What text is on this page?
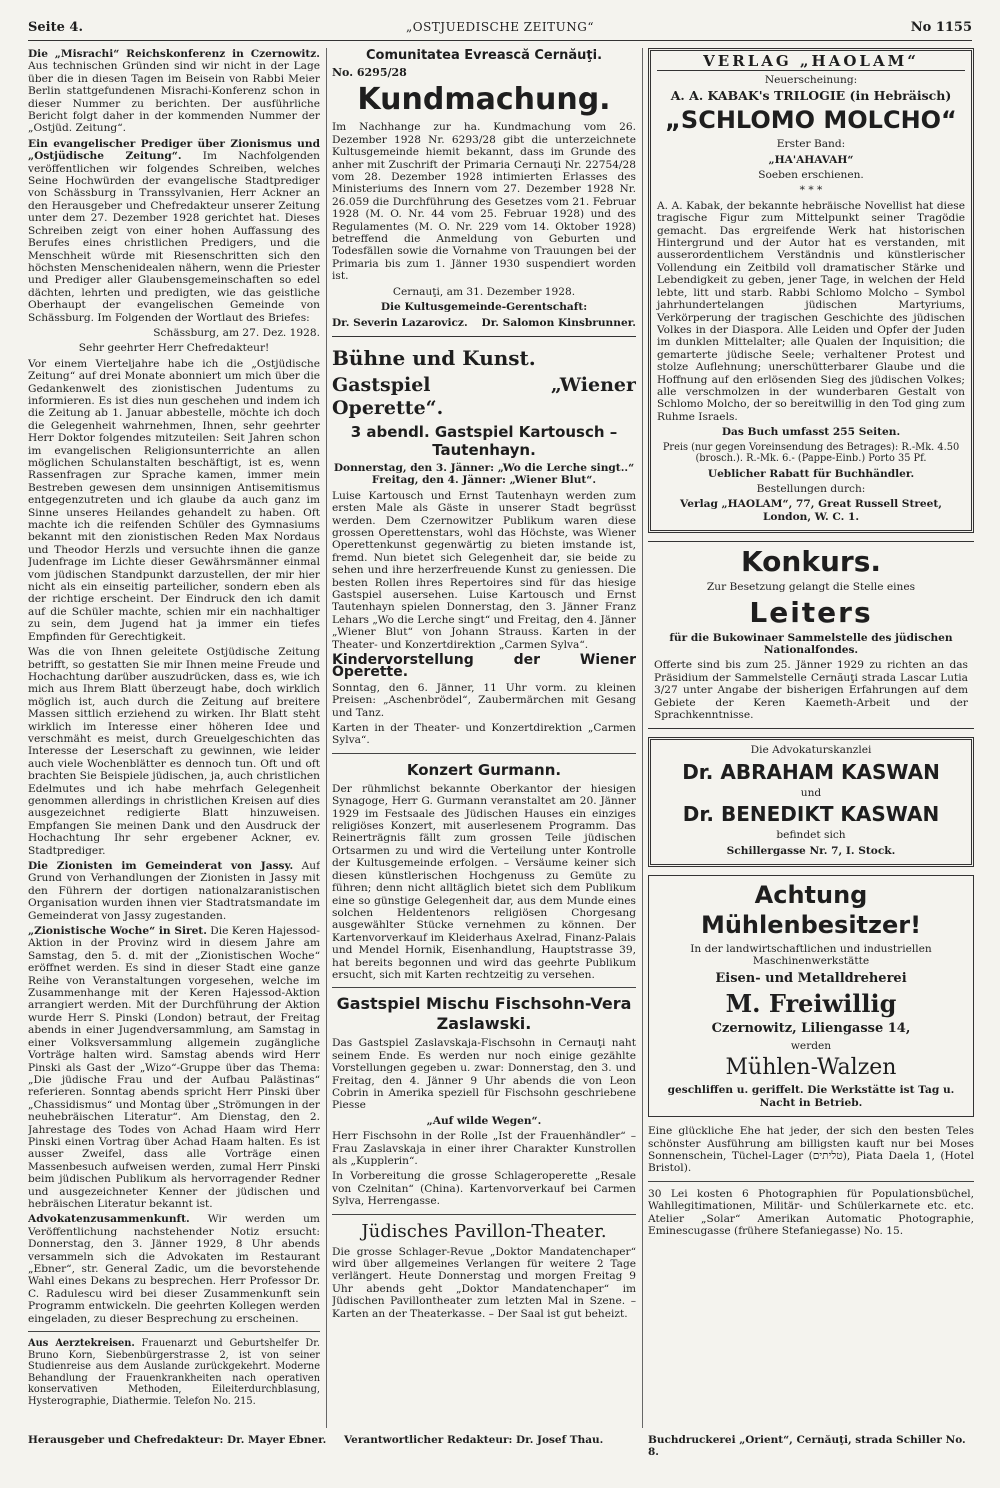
Seite 4.	„OSTJUEDISCHE ZEITUNG“	No 1155

Die „Misrachi“ Reichskonferenz in Czernowitz. Aus technischen Gründen sind wir nicht in der Lage über die in diesen Tagen im Beisein von Rabbi Meier Berlin stattgefundenen Misrachi-Konferenz schon in dieser Nummer zu berichten. Der ausführliche Bericht folgt daher in der kommenden Nummer der „Ostjüd. Zeitung“.

Ein evangelischer Prediger über Zionismus und „Ostjüdische Zeitung“. Im Nachfolgenden veröffentlichen wir folgendes Schreiben, welches Seine Hochwürden der evangelische Stadtprediger von Schässburg in Transsylvanien, Herr Ackner an den Herausgeber und Chefredakteur unserer Zeitung unter dem 27. Dezember 1928 gerichtet hat. Dieses Schreiben zeigt von einer hohen Auffassung des Berufes eines christlichen Predigers, und die Menschheit würde mit Riesenschritten sich den höchsten Menschenidealen nähern, wenn die Priester und Prediger aller Glaubensgemeinschaften so edel dächten, lehrten und predigten, wie das geistliche Oberhaupt der evangelischen Gemeinde von Schässburg. Im Folgenden der Wortlaut des Briefes:

Schässburg, am 27. Dez. 1928.

Sehr geehrter Herr Chefredakteur!

Vor einem Vierteljahre habe ich die „Ostjüdische Zeitung“ auf drei Monate abonniert um mich über die Gedankenwelt des zionistischen Judentums zu informieren. Es ist dies nun geschehen und indem ich die Zeitung ab 1. Januar abbestelle, möchte ich doch die Gelegenheit wahrnehmen, Ihnen, sehr geehrter Herr Doktor folgendes mitzuteilen: Seit Jahren schon im evangelischen Religionsunterrichte an allen möglichen Schulanstalten beschäftigt, ist es, wenn Rassenfragen zur Sprache kamen, immer mein Bestreben gewesen dem unsinnigen Antisemitismus entgegenzutreten und ich glaube da auch ganz im Sinne unseres Heilandes gehandelt zu haben. Oft machte ich die reifenden Schüler des Gymnasiums bekannt mit den zionistischen Reden Max Nordaus und Theodor Herzls und versuchte ihnen die ganze Judenfrage im Lichte dieser Gewährsmänner einmal vom jüdischen Standpunkt darzustellen, der mir hier nicht als ein einseitig parteilicher, sondern eben als der richtige erscheint. Der Eindruck den ich damit auf die Schüler machte, schien mir ein nachhaltiger zu sein, dem Jugend hat ja immer ein tiefes Empfinden für Gerechtigkeit.

Was die von Ihnen geleitete Ostjüdische Zeitung betrifft, so gestatten Sie mir Ihnen meine Freude und Hochachtung darüber auszudrücken, dass es, wie ich mich aus Ihrem Blatt überzeugt habe, doch wirklich möglich ist, auch durch die Zeitung auf breitere Massen sittlich erziehend zu wirken. Ihr Blatt steht wirklich im Interesse einer höheren Idee und verschmäht es meist, durch Greuelgeschichten das Interesse der Leserschaft zu gewinnen, wie leider auch viele Wochenblätter es dennoch tun. Oft und oft brachten Sie Beispiele jüdischen, ja, auch christlichen Edelmutes und ich habe mehrfach Gelegenheit genommen allerdings in christlichen Kreisen auf dies ausgezeichnet redigierte Blatt hinzuweisen. Empfangen Sie meinen Dank und den Ausdruck der Hochachtung Ihr sehr ergebener Ackner, ev. Stadtprediger.

Die Zionisten im Gemeinderat von Jassy. Auf Grund von Verhandlungen der Zionisten in Jassy mit den Führern der dortigen nationalzaranistischen Organisation wurden ihnen vier Stadtratsmandate im Gemeinderat von Jassy zugestanden.

„Zionistische Woche“ in Siret. Die Keren Hajessod-Aktion in der Provinz wird in diesem Jahre am Samstag, den 5. d. mit der „Zionistischen Woche“ eröffnet werden. Es sind in dieser Stadt eine ganze Reihe von Veranstaltungen vorgesehen, welche im Zusammenhange mit der Keren Hajessod-Aktion arrangiert werden. Mit der Durchführung der Aktion wurde Herr S. Pinski (London) betraut, der Freitag abends in einer Jugendversammlung, am Samstag in einer Volksversammlung allgemein zugängliche Vorträge halten wird. Samstag abends wird Herr Pinski als Gast der „Wizo“-Gruppe über das Thema: „Die jüdische Frau und der Aufbau Palästinas“ referieren. Sonntag abends spricht Herr Pinski über „Chassidismus“ und Montag über „Strömungen in der neuhebräischen Literatur“. Am Dienstag, den 2. Jahrestage des Todes von Achad Haam wird Herr Pinski einen Vortrag über Achad Haam halten. Es ist ausser Zweifel, dass alle Vorträge einen Massenbesuch aufweisen werden, zumal Herr Pinski beim jüdischen Publikum als hervorragender Redner und ausgezeichneter Kenner der jüdischen und hebräischen Literatur bekannt ist.

Advokatenzusammenkunft. Wir werden um Veröffentlichung nachstehender Notiz ersucht: Donnerstag, den 3. Jänner 1929, 8 Uhr abends versammeln sich die Advokaten im Restaurant „Ebner“, str. General Zadic, um die bevorstehende Wahl eines Dekans zu besprechen. Herr Professor Dr. C. Radulescu wird bei dieser Zusammenkunft sein Programm entwickeln. Die geehrten Kollegen werden eingeladen, zu dieser Besprechung zu erscheinen.

Aus Aerztekreisen. Frauenarzt und Geburtshelfer Dr. Bruno Korn, Siebenbürgerstrasse 2, ist von seiner Studienreise aus dem Auslande zurückgekehrt. Moderne Behandlung der Frauenkrankheiten nach operativen konservativen Methoden, Eileiterdurchblasung, Hysterographie, Diathermie. Telefon No. 215.

Comunitatea Evrească Cernăuţi.

No. 6295/28

Kundmachung.

Im Nachhange zur ha. Kundmachung vom 26. Dezember 1928 Nr. 6293/28 gibt die unterzeichnete Kultusgemeinde hiemit bekannt, dass im Grunde des anher mit Zuschrift der Primaria Cernauţi Nr. 22754/28 vom 28. Dezember 1928 intimierten Erlasses des Ministeriums des Innern vom 27. Dezember 1928 Nr. 26.059 die Durchführung des Gesetzes vom 21. Februar 1928 (M. O. Nr. 44 vom 25. Februar 1928) und des Regulamentes (M. O. Nr. 229 vom 14. Oktober 1928) betreffend die Anmeldung von Geburten und Todesfällen sowie die Vornahme von Trauungen bei der Primaria bis zum 1. Jänner 1930 suspendiert worden ist.

Cernauţi, am 31. Dezember 1928.

Die Kultusgemeinde-Gerentschaft:

Dr. Severin Lazarovicz. Dr. Salomon Kinsbrunner.

Bühne und Kunst.

Gastspiel „Wiener Operette“.

3 abendl. Gastspiel Kartousch – Tautenhayn.

Donnerstag, den 3. Jänner: „Wo die Lerche singt..“ Freitag, den 4. Jänner: „Wiener Blut“.

Luise Kartousch und Ernst Tautenhayn werden zum ersten Male als Gäste in unserer Stadt begrüsst werden. Dem Czernowitzer Publikum waren diese grossen Operettenstars, wohl das Höchste, was Wiener Operettenkunst gegenwärtig zu bieten imstande ist, fremd. Nun bietet sich Gelegenheit dar, sie beide zu sehen und ihre herzerfreuende Kunst zu geniessen. Die besten Rollen ihres Repertoires sind für das hiesige Gastspiel ausersehen. Luise Kartousch und Ernst Tautenhayn spielen Donnerstag, den 3. Jänner Franz Lehars „Wo die Lerche singt“ und Freitag, den 4. Jänner „Wiener Blut“ von Johann Strauss. Karten in der Theater- und Konzertdirektion „Carmen Sylva“.

Kindervorstellung der Wiener Operette.

Sonntag, den 6. Jänner, 11 Uhr vorm. zu kleinen Preisen: „Aschenbrödel“, Zaubermärchen mit Gesang und Tanz.

Karten in der Theater- und Konzertdirektion „Carmen Sylva“.

Konzert Gurmann.

Der rühmlichst bekannte Oberkantor der hiesigen Synagoge, Herr G. Gurmann veranstaltet am 20. Jänner 1929 im Festsaale des Jüdischen Hauses ein einziges religiöses Konzert, mit auserlesenem Programm. Das Reinerträgnis fällt zum grossen Teile jüdischen Ortsarmen zu und wird die Verteilung unter Kontrolle der Kultusgemeinde erfolgen. – Versäume keiner sich diesen künstlerischen Hochgenuss zu Gemüte zu führen; denn nicht alltäglich bietet sich dem Publikum eine so günstige Gelegenheit dar, aus dem Munde eines solchen Heldentenors religiösen Chorgesang ausgewählter Stücke vernehmen zu können. Der Kartenvorverkauf im Kleiderhaus Axelrad, Finanz-Palais und Mendel Hornik, Eisenhandlung, Hauptstrasse 39, hat bereits begonnen und wird das geehrte Publikum ersucht, sich mit Karten rechtzeitig zu versehen.

Gastspiel Mischu Fischsohn-Vera Zaslawski.

Das Gastspiel Zaslavskaja-Fischsohn in Cernauţi naht seinem Ende. Es werden nur noch einige gezählte Vorstellungen gegeben u. zwar: Donnerstag, den 3. und Freitag, den 4. Jänner 9 Uhr abends die von Leon Cobrin in Amerika speziell für Fischsohn geschriebene Piesse

„Auf wilde Wegen“.

Herr Fischsohn in der Rolle „Ist der Frauenhändler“ – Frau Zaslavskaja in einer ihrer Charakter Kunstrollen als „Kupplerin“.

In Vorbereitung die grosse Schlageroperette „Resale von Czelnitan“ (China). Kartenvorverkauf bei Carmen Sylva, Herrengasse.

Jüdisches Pavillon-Theater.

Die grosse Schlager-Revue „Doktor Mandatenchaper“ wird über allgemeines Verlangen für weitere 2 Tage verlängert. Heute Donnerstag und morgen Freitag 9 Uhr abends geht „Doktor Mandatenchaper“ im Jüdischen Pavillontheater zum letzten Mal in Szene. – Karten an der Theaterkasse. – Der Saal ist gut beheizt.

VERLAG „HAOLAM“

Neuerscheinung:

A. A. KABAK's TRILOGIE (in Hebräisch)

„SCHLOMO MOLCHO“

Erster Band:

„HA'AHAVAH“

Soeben erschienen.

* * *

A. A. Kabak, der bekannte hebräische Novellist hat diese tragische Figur zum Mittelpunkt seiner Tragödie gemacht. Das ergreifende Werk hat historischen Hintergrund und der Autor hat es verstanden, mit ausserordentlichem Verständnis und künstlerischer Vollendung ein Zeitbild voll dramatischer Stärke und Lebendigkeit zu geben, jener Tage, in welchen der Held lebte, litt und starb. Rabbi Schlomo Molcho – Symbol jahrhundertelangen jüdischen Martyriums, Verkörperung der tragischen Geschichte des jüdischen Volkes in der Diaspora. Alle Leiden und Opfer der Juden im dunklen Mittelalter; alle Qualen der Inquisition; die gemarterte jüdische Seele; verhaltener Protest und stolze Auflehnung; unerschütterbarer Glaube und die Hoffnung auf den erlösenden Sieg des jüdischen Volkes; alle verschmolzen in der wunderbaren Gestalt von Schlomo Molcho, der so bereitwillig in den Tod ging zum Ruhme Israels.

Das Buch umfasst 255 Seiten.

Preis (nur gegen Voreinsendung des Betrages): R.-Mk. 4.50 (brosch.). R.-Mk. 6.- (Pappe-Einb.) Porto 35 Pf.

Ueblicher Rabatt für Buchhändler.

Bestellungen durch:

Verlag „HAOLAM“, 77, Great Russell Street, London, W. C. 1.

Konkurs.

Zur Besetzung gelangt die Stelle eines

Leiters

für die Bukowinaer Sammelstelle des jüdischen Nationalfondes.

Offerte sind bis zum 25. Jänner 1929 zu richten an das Präsidium der Sammelstelle Cernăuţi strada Lascar Lutia 3/27 unter Angabe der bisherigen Erfahrungen auf dem Gebiete der Keren Kaemeth-Arbeit und der Sprachkenntnisse.

Die Advokaturskanzlei

Dr. ABRAHAM KASWAN

und

Dr. BENEDIKT KASWAN

befindet sich

Schillergasse Nr. 7, I. Stock.

Achtung Mühlenbesitzer!

In der landwirtschaftlichen und industriellen Maschinenwerkstätte

Eisen- und Metalldreherei

M. Freiwillig

Czernowitz, Liliengasse 14,

werden

Mühlen-Walzen

geschliffen u. geriffelt. Die Werkstätte ist Tag u. Nacht in Betrieb.

Eine glückliche Ehe hat jeder, der sich den besten Teles schönster Ausführung am billigsten kauft nur bei Moses Sonnenschein, Tüchel-Lager (טליתים), Piata Daela 1, (Hotel Bristol).

30 Lei kosten 6 Photographien für Populationsbüchel, Wahllegitimationen, Militär- und Schülerkarnete etc. etc. Atelier „Solar“ Amerikan Automatic Photographie, Eminescugasse (frühere Stefaniegasse) No. 15.

Herausgeber und Chefredakteur: Dr. Mayer Ebner. Verantwortlicher Redakteur: Dr. Josef Thau.	Buchdruckerei „Orient“, Cernăuţi, strada Schiller No. 8.
